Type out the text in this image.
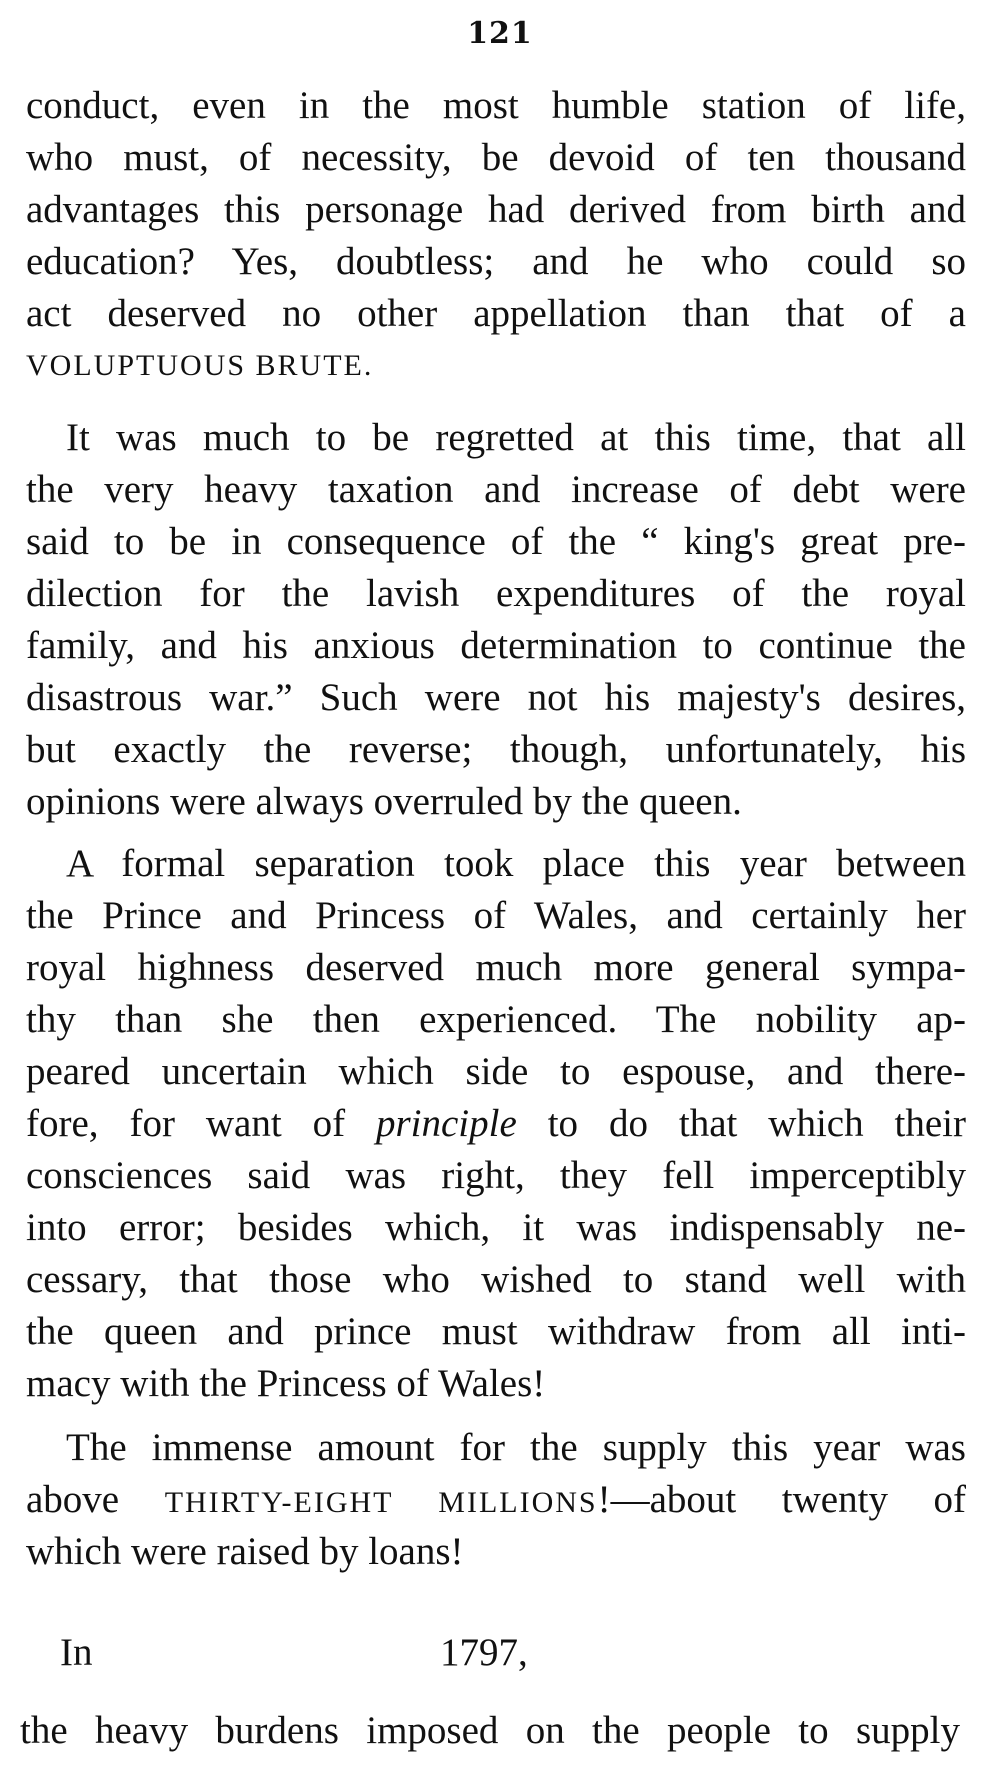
121
conduct, even in the most humble station of life,
who must, of necessity, be devoid of ten thousand
advantages this personage had derived from birth and
education? Yes, doubtless; and he who could so
act deserved no other appellation than that of a
VOLUPTUOUS BRUTE.
It was much to be regretted at this time, that all
the very heavy taxation and increase of debt were
said to be in consequence of the “ king's great pre-
dilection for the lavish expenditures of the royal
family, and his anxious determination to continue the
disastrous war.” Such were not his majesty's desires,
but exactly the reverse; though, unfortunately, his
opinions were always overruled by the queen.
A formal separation took place this year between
the Prince and Princess of Wales, and certainly her
royal highness deserved much more general sympa-
thy than she then experienced. The nobility ap-
peared uncertain which side to espouse, and there-
fore, for want of principle to do that which their
consciences said was right, they fell imperceptibly
into error; besides which, it was indispensably ne-
cessary, that those who wished to stand well with
the queen and prince must withdraw from all inti-
macy with the Princess of Wales!
The immense amount for the supply this year was
above THIRTY-EIGHT MILLIONS!—about twenty of
which were raised by loans!
In	1797,
the heavy burdens imposed on the people to supply
